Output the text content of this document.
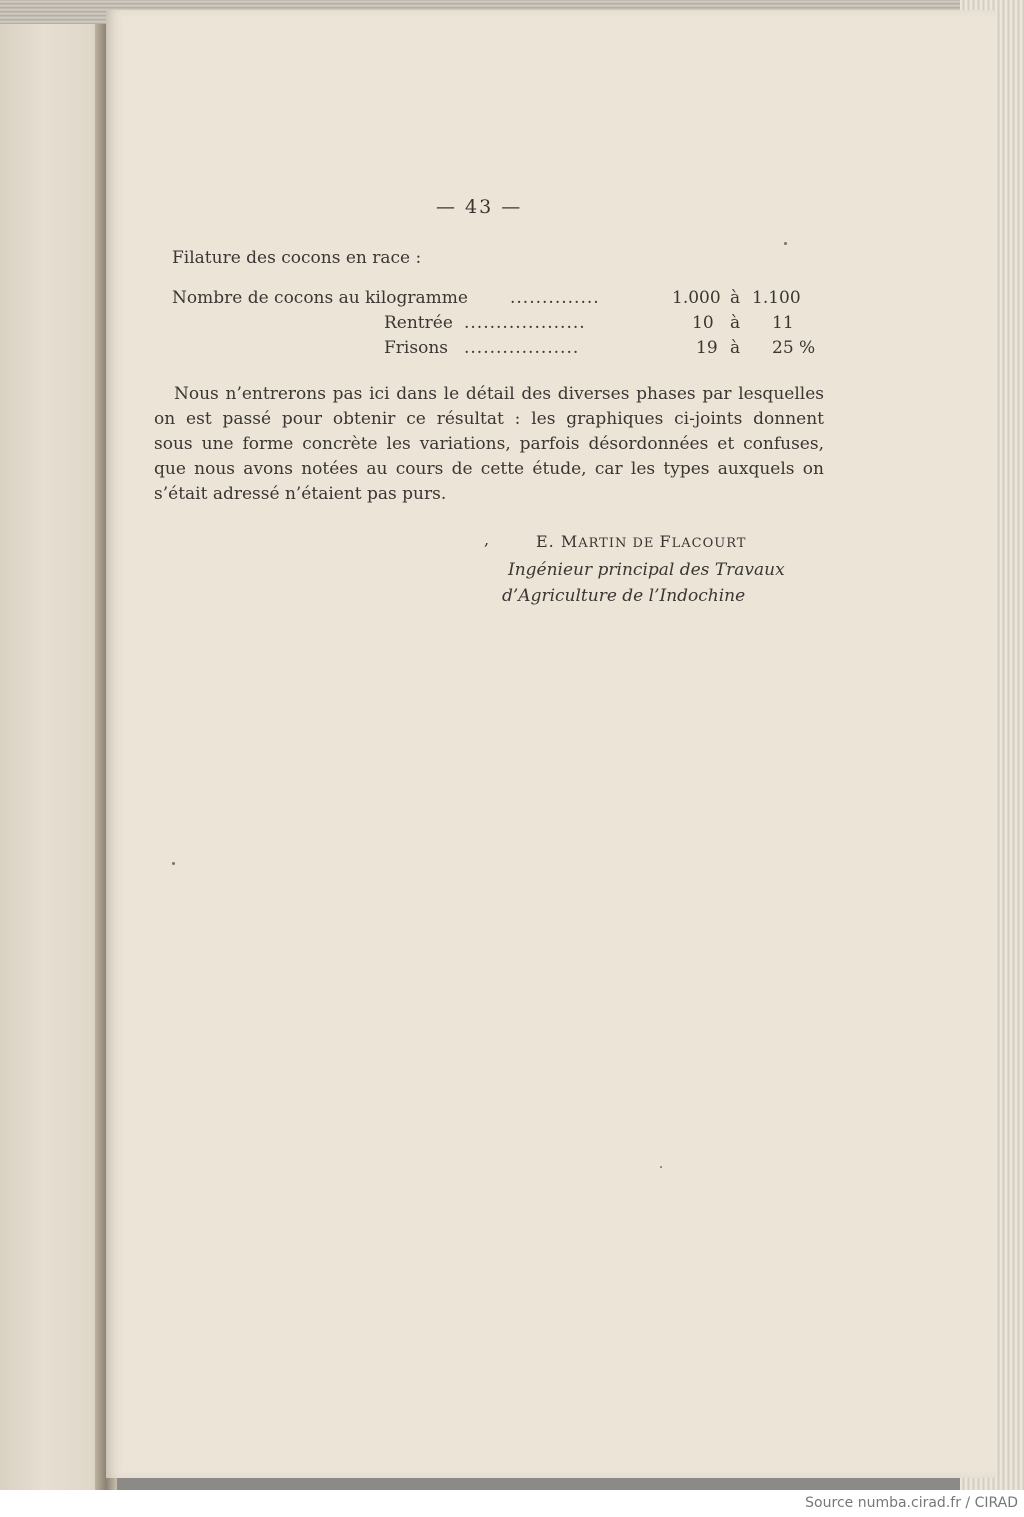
— 43 —
Filature des cocons en race :
Nombre de cocons au kilogramme ..............	1.000 à 1.100
Rentrée ...................	10 à 11
Frisons ..................	19 à 25 %
Nous n’entrerons pas ici dans le détail des diverses phases par lesquelles
on est passé pour obtenir ce résultat : les graphiques ci-joints donnent
sous une forme concrète les variations, parfois désordonnées et confuses,
que nous avons notées au cours de cette étude, car les types auxquels on
s’était adressé n’étaient pas purs.
,	E. MARTIN DE FLACOURT
Ingénieur principal des Travaux
d’Agriculture de l’Indochine
Source numba.cirad.fr / CIRAD
